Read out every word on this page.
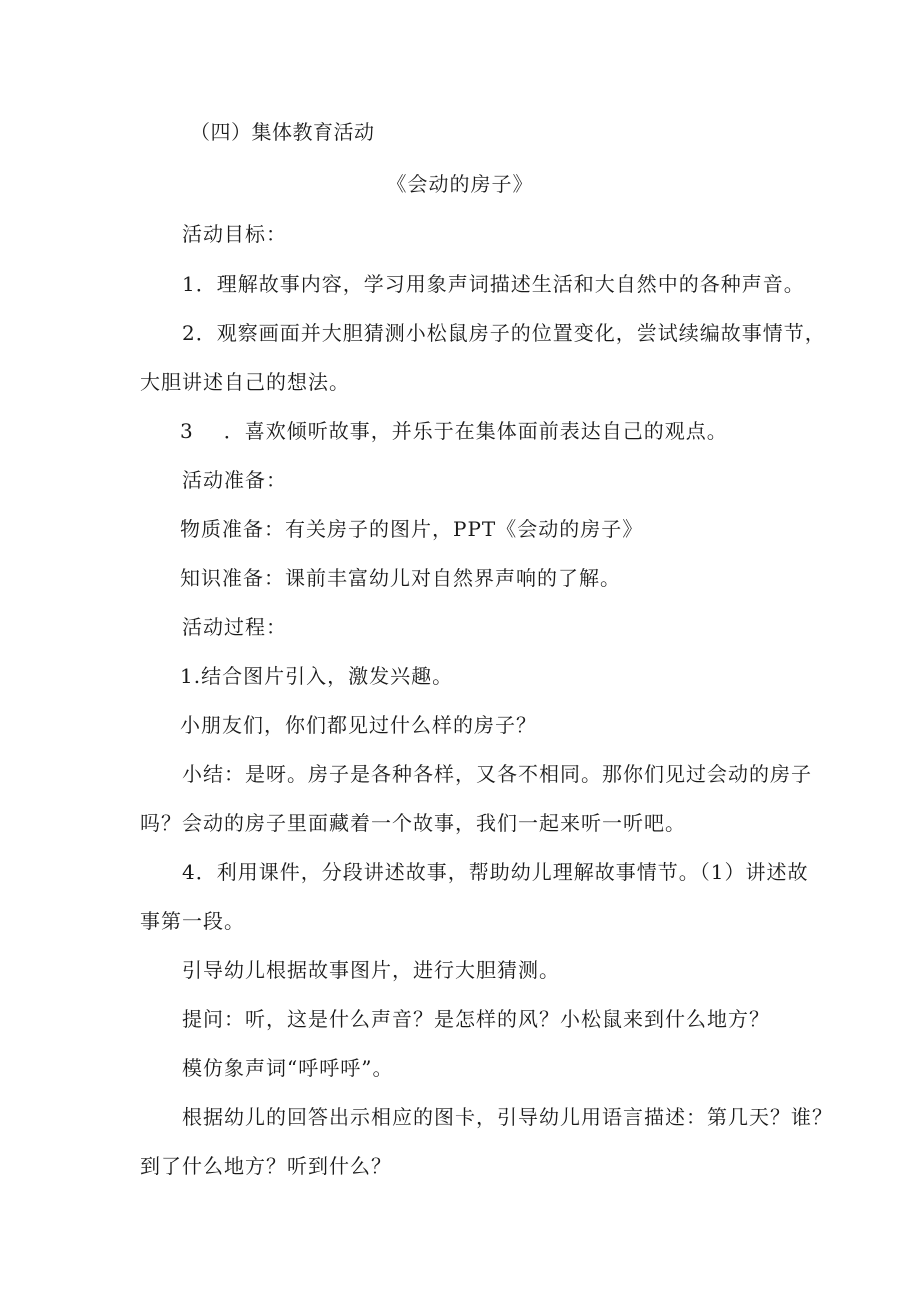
（四）集体教育活动
《会动的房子》
活动目标：
1．理解故事内容，学习用象声词描述生活和大自然中的各种声音。
2．观察画面并大胆猜测小松鼠房子的位置变化，尝试续编故事情节，
大胆讲述自己的想法。
3 ．喜欢倾听故事，并乐于在集体面前表达自己的观点。
活动准备：
物质准备：有关房子的图片，PPT《会动的房子》
知识准备：课前丰富幼儿对自然界声响的了解。
活动过程：
1.结合图片引入，激发兴趣。
小朋友们，你们都见过什么样的房子？
小结：是呀。房子是各种各样，又各不相同。那你们见过会动的房子
吗？会动的房子里面藏着一个故事，我们一起来听一听吧。
4．利用课件，分段讲述故事，帮助幼儿理解故事情节。（1）讲述故
事第一段。
引导幼儿根据故事图片，进行大胆猜测。
提问：听，这是什么声音？是怎样的风？小松鼠来到什么地方？
模仿象声词“呼呼呼”。
根据幼儿的回答出示相应的图卡，引导幼儿用语言描述：第几天？谁？
到了什么地方？听到什么？
